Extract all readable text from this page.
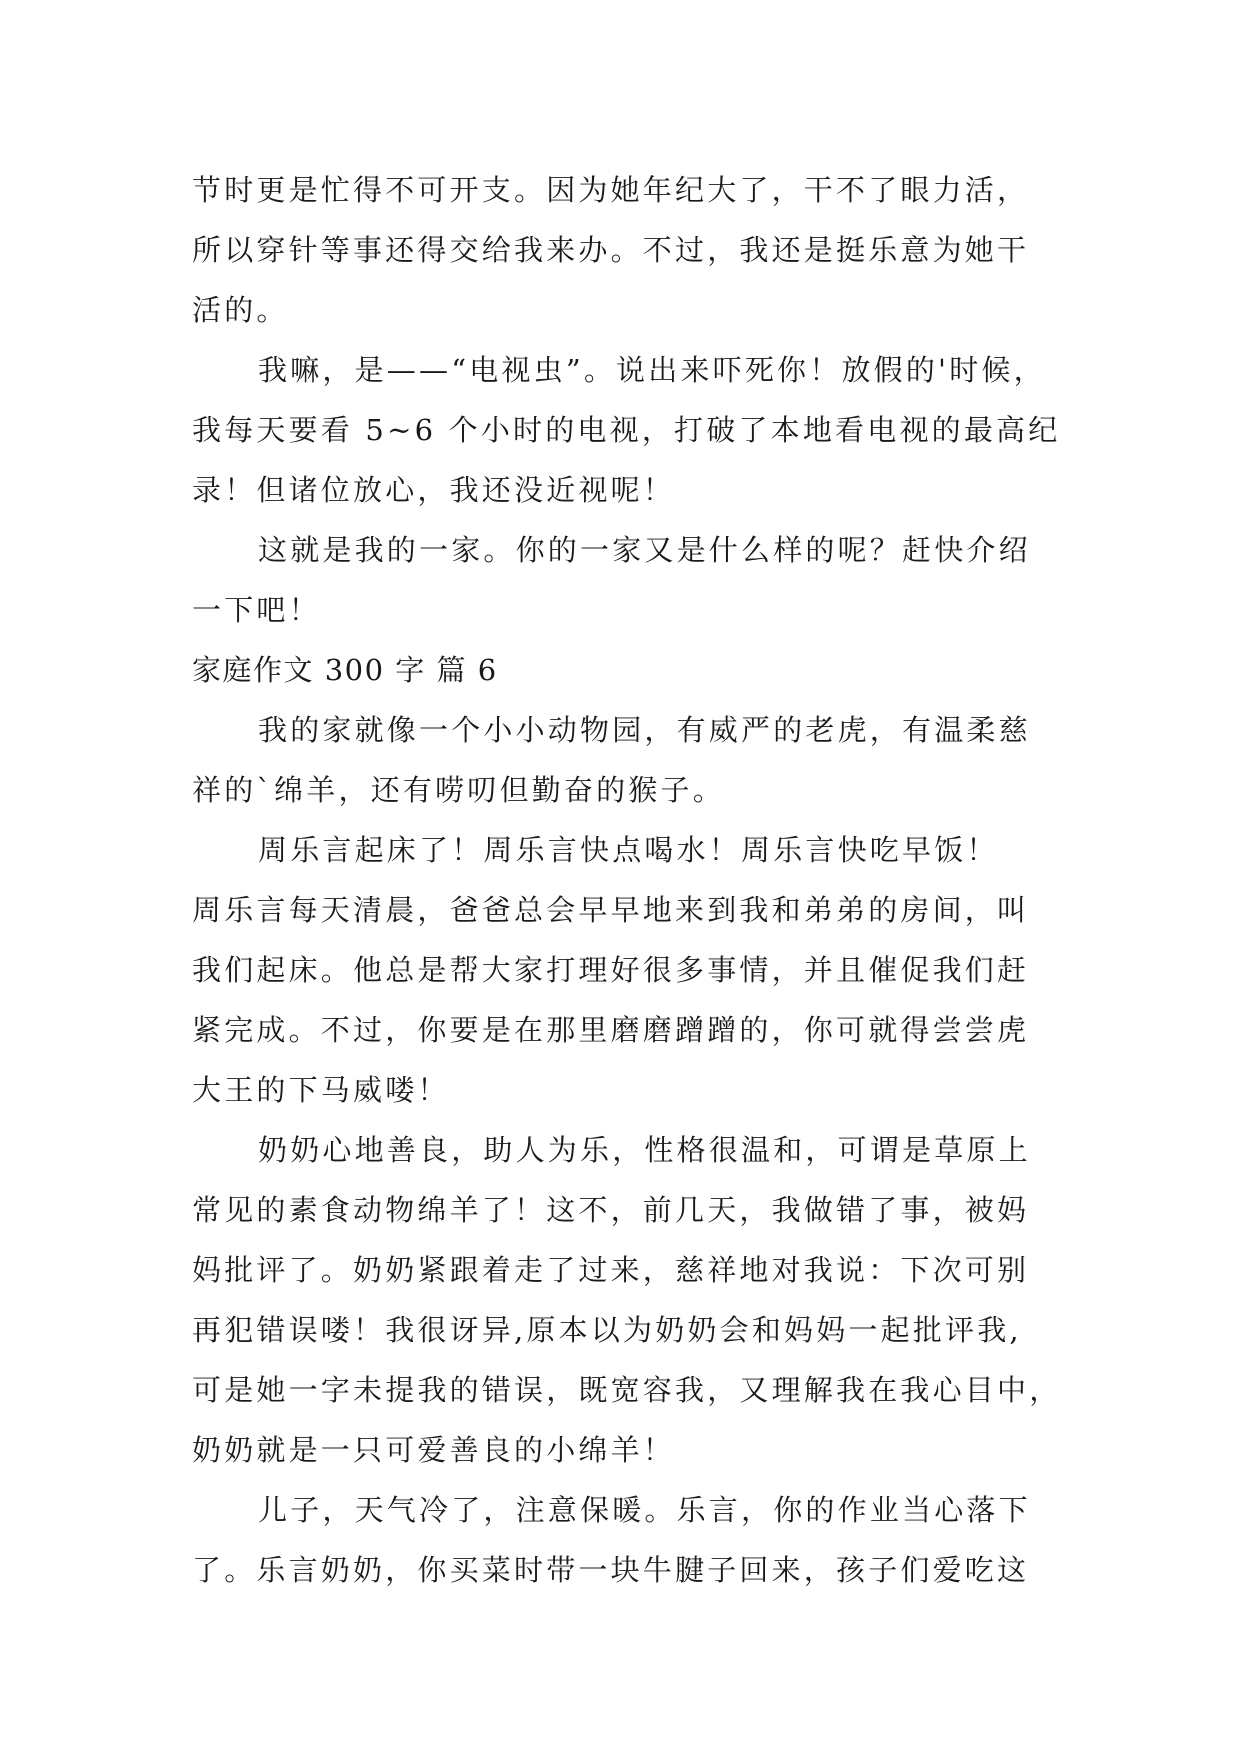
节时更是忙得不可开支。因为她年纪大了，干不了眼力活，
所以穿针等事还得交给我来办。不过，我还是挺乐意为她干
活的。
我嘛，是——“电视虫”。说出来吓死你！放假的'时候，
我每天要看 5~6 个小时的电视，打破了本地看电视的最高纪
录！但诸位放心，我还没近视呢！
这就是我的一家。你的一家又是什么样的呢？赶快介绍
一下吧！
家庭作文 300 字 篇 6
我的家就像一个小小动物园，有威严的老虎，有温柔慈
祥的`绵羊，还有唠叨但勤奋的猴子。
周乐言起床了！周乐言快点喝水！周乐言快吃早饭！
周乐言每天清晨，爸爸总会早早地来到我和弟弟的房间，叫
我们起床。他总是帮大家打理好很多事情，并且催促我们赶
紧完成。不过，你要是在那里磨磨蹭蹭的，你可就得尝尝虎
大王的下马威喽！
奶奶心地善良，助人为乐，性格很温和，可谓是草原上
常见的素食动物绵羊了！这不，前几天，我做错了事，被妈
妈批评了。奶奶紧跟着走了过来，慈祥地对我说：下次可别
再犯错误喽！我很讶异,原本以为奶奶会和妈妈一起批评我,
可是她一字未提我的错误，既宽容我，又理解我在我心目中，
奶奶就是一只可爱善良的小绵羊！
儿子，天气冷了，注意保暖。乐言，你的作业当心落下
了。乐言奶奶，你买菜时带一块牛腱子回来，孩子们爱吃这
